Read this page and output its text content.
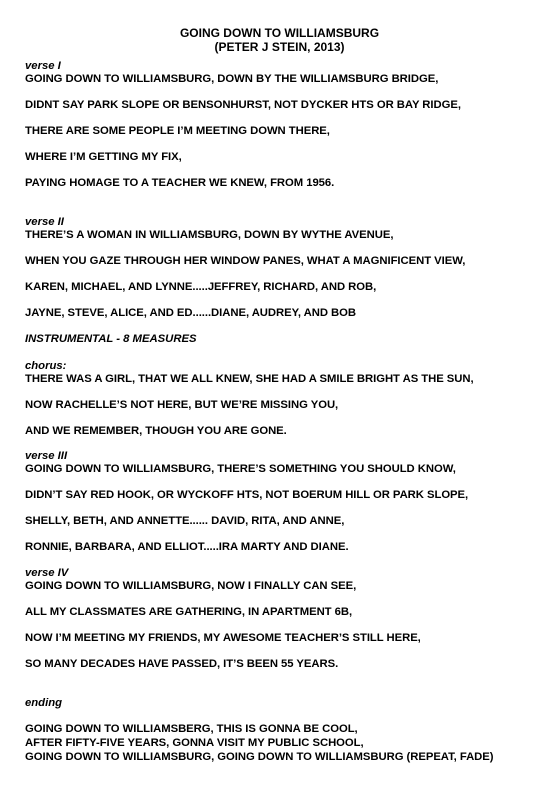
GOING DOWN TO WILLIAMSBURG
(PETER J STEIN, 2013)
verse I
GOING DOWN TO WILLIAMSBURG, DOWN BY THE WILLIAMSBURG BRIDGE,
DIDNT SAY PARK SLOPE OR BENSONHURST, NOT DYCKER HTS OR BAY RIDGE,
THERE ARE SOME PEOPLE I’M MEETING DOWN THERE,
WHERE I’M GETTING MY FIX,
PAYING HOMAGE TO A TEACHER WE KNEW, FROM 1956.
verse II
THERE’S A WOMAN IN WILLIAMSBURG, DOWN BY WYTHE AVENUE,
WHEN YOU GAZE THROUGH HER WINDOW PANES, WHAT A MAGNIFICENT VIEW,
KAREN, MICHAEL, AND LYNNE.....JEFFREY, RICHARD, AND ROB,
JAYNE, STEVE, ALICE, AND ED......DIANE, AUDREY, AND BOB
INSTRUMENTAL - 8 MEASURES
chorus:
THERE WAS A GIRL, THAT WE ALL KNEW, SHE HAD A SMILE BRIGHT AS THE SUN,
NOW RACHELLE’S NOT HERE, BUT WE’RE MISSING YOU,
AND WE REMEMBER, THOUGH YOU ARE GONE.
verse III
GOING DOWN TO WILLIAMSBURG, THERE’S SOMETHING YOU SHOULD KNOW,
DIDN’T SAY RED HOOK, OR WYCKOFF HTS, NOT BOERUM HILL OR PARK SLOPE,
SHELLY, BETH, AND ANNETTE...... DAVID, RITA, AND ANNE,
RONNIE, BARBARA, AND ELLIOT.....IRA MARTY AND DIANE.
verse IV
GOING DOWN TO WILLIAMSBURG, NOW I FINALLY CAN SEE,
ALL MY CLASSMATES ARE GATHERING, IN APARTMENT 6B,
NOW I’M MEETING MY FRIENDS, MY AWESOME TEACHER’S STILL HERE,
SO MANY DECADES HAVE PASSED, IT’S BEEN 55 YEARS.
ending
GOING DOWN TO WILLIAMSBERG, THIS IS GONNA BE COOL,
AFTER FIFTY-FIVE YEARS, GONNA VISIT MY PUBLIC SCHOOL,
GOING DOWN TO WILLIAMSBURG, GOING DOWN TO WILLIAMSBURG (REPEAT, FADE)
